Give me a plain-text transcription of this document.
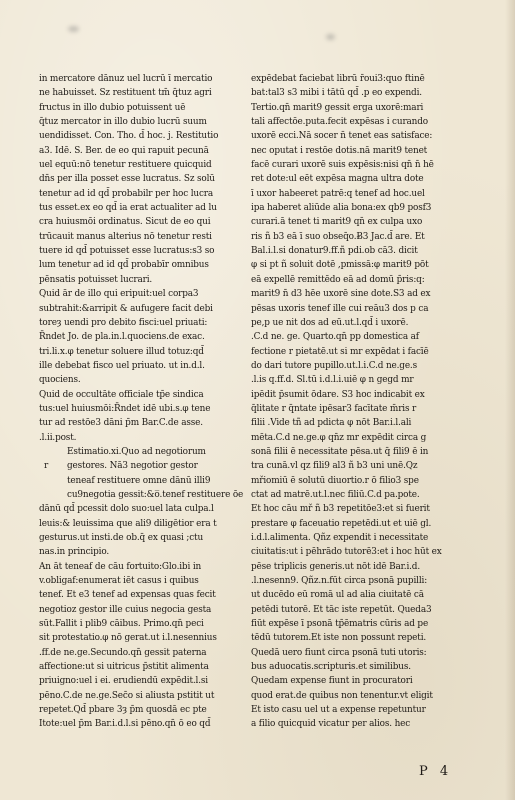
in mercatore dānuz uel lucrū ī mercatio
ne habuisset. Sz restituent tm̄ q̄tuz agri
fructus in illo dubio potuissent uē
q̄tuz mercator in illo dubio lucrū suum
uendidisset. Con. Tho. d̄ hoc. j. Restitutio
a3. Idē. S. Ber. de eo qui rapuit pecunā
uel equū:nō tenetur restituere quicquid
dn̄s per illa posset esse lucratus. Sz solū
tenetur ad id qd̄ probabilr per hoc lucra
tus esset.ex eo qd̄ ia erat actualiter ad lu
cra huiusmōi ordinatus. Sicut de eo qui
trūcauit manus alterius nō tenetur resti
tuere id qd̄ potuisset esse lucratus:s3 so
lum tenetur ad id qd̄ probabīr omnibus
pēnsatis potuisset lucrari.
Quid ār de illo qui eripuit:uel corpa3
subtrahit:&arripit & aufugere facit debi
toreȝ uendi pro debito fisci:uel priuati:
R̄ndet Jo. de pla.in.l.quociens.de exac.
tri.li.x.φ tenetur soluere illud totuz:qd̄
ille debebat fisco uel priuato. ut in.d.l.
quociens.
Quid de occultāte officiale tp̄e sindica
tus:uel huiusmōi:R̄ndet idē ubi.s.φ tene
tur ad restōe3 dāni p̄m Bar.C.de asse.
.l.ii.post.
Estimatio.xi.Quo ad negotiorum
r gestores. Nā3 negotior gestor
teneaf restituere omne dānū illi9
cu9negotia gessit:&o̅.tenef restituere ōe
dānū qd̄ pcessit dolo suo:uel lata culpa.l
leuis:& leuissima que ali9 diligētior era t
gesturus.ut insti.de ob.q̄ ex quasi ;ctu
nas.in principio.
An āt teneaf de cāu fortuito:Glo.ibi in
v.obligaf:enumerat iēt casus i quibus
tenef. Et e3 tenef ad expensas quas fecit
negotioz gestor ille cuius negocia gesta
sūt.Fallit i plib9 cāibus. Primo.qn̄ peci
sit protestatio.φ nō gerat.ut i.l.nesennius
.ff.de ne.ge.Secundo.qn̄ gessit paterna
affectione:ut si uitricus p̄stitit alimenta
priuigno:uel i ei. erudiendū expēdit.l.si
pēno.C.de ne.ge.Sec̄o si aliusta pstitit ut
repetet.Qd̄ pbare 3ȝ p̄m quosdā ec pte
Itote:uel p̄m Bar.i.d.l.si pēno.qn̄ ō eo qd̄
expēdebat faciebat librū r̄oui3:quo ftinē
bat:tal3 s3 mibi i tātū qd̄ .p eo expendi.
Tertio.qn̄ marit9 gessit erga uxorē:mari
tali affectōe.puta.fecit expēsas i curando
uxorē ecci.Nā socer n̄ tenet eas satisface:
nec oputat i restōe dotis.nā marit9 tenet
facē curari uxorē suis expēsis:nisi qn̄ n̄ hē
ret dote:ul eēt expēsa magna ultra dote
ī uxor habeeret patrē:q tenef ad hoc.uel
ipa haberet aliūde alia bona:ex qb9 posf3
curari.ā tenet ti marit9 qn̄ ex culpa uxo
ris ñ b3 eā ī suo obseq̄o.Ƀ3 Jac.d̄ are. Et
Bal.i.l.si donatur9.ff.ñ pdi.ob cā3. dicit
φ si pt ñ soluit dotē ,pmissā:φ marit9 pōt
eā expellē remittēdo eā ad domū p̄ris:q:
marit9 n̄ d3 hēe uxorē sine dote.S3 ad ex
pēsas uxoris tenef ille cui reāu3 dos p ca
pe,p ue nit dos ad eū.ut.l.qd̄ i uxorē.
.C.d ne. ge. Quarto.qn̄ pp domestica af
fectione r pietatē.ut si mr expēdat i facīē
do dari tutore pupillo.ut.l.i.C.d ne.ge.s
.l.is q.ff.d. Sl.tū i.d.l.i.uiē φ n gegd mr
ipēdit p̄sumit ōdare. S3 hoc indicabit ex
q̄litate r q̄ntate ipēsar3 facītate m̄ris r
filii .Vide tñ ad pdicta φ nōt Bar.i.l.ali
mēta.C.d ne.ge.φ qn̄z mr expēdit circa g
sonā filii ē necessitate pēsa.ut q̄ fili9 ē in
tra cunā.vl qz fili9 al3 ñ b3 uni unē.Qz
mřiomiū ē solutū diuortio.r ō filio3 spe
ctat ad matrē.ut.l.nec filiū.C.d pa.pote.
Et hoc cāu mř ñ b3 repetitōe3:et si fuerit
prestare φ faceuatio repetēdi.ut et uiē gl.
i.d.l.alimenta. Qñz expendit i necessitate
ciuitatis:ut i pēhrādo tutorē3:et i hoc hūt ex
pēse triplicis generis.ut nōt idē Bar.i.d.
.l.nesenn9. Qñz.n.fūt circa psonā pupilli:
ut ducēdo eū romā ul ad alia ciuitatē cā
petēdi tutorē. Et tāc iste repetūt. Queda3
fiūt expēse ī psonā tp̄ēmatris cūris ad pe
tēdū tutorem.Et iste non possunt repeti.
Quedā uero fiunt circa psonā tuti utoris:
bus aduocatis.scripturis.et similibus.
Quedam expense fiunt in procuratori
quod erat.de quibus non tenentur.vt eligit
Et isto casu uel ut a expense repetuntur
a filio quicquid vicatur per alios. hec
P 4
